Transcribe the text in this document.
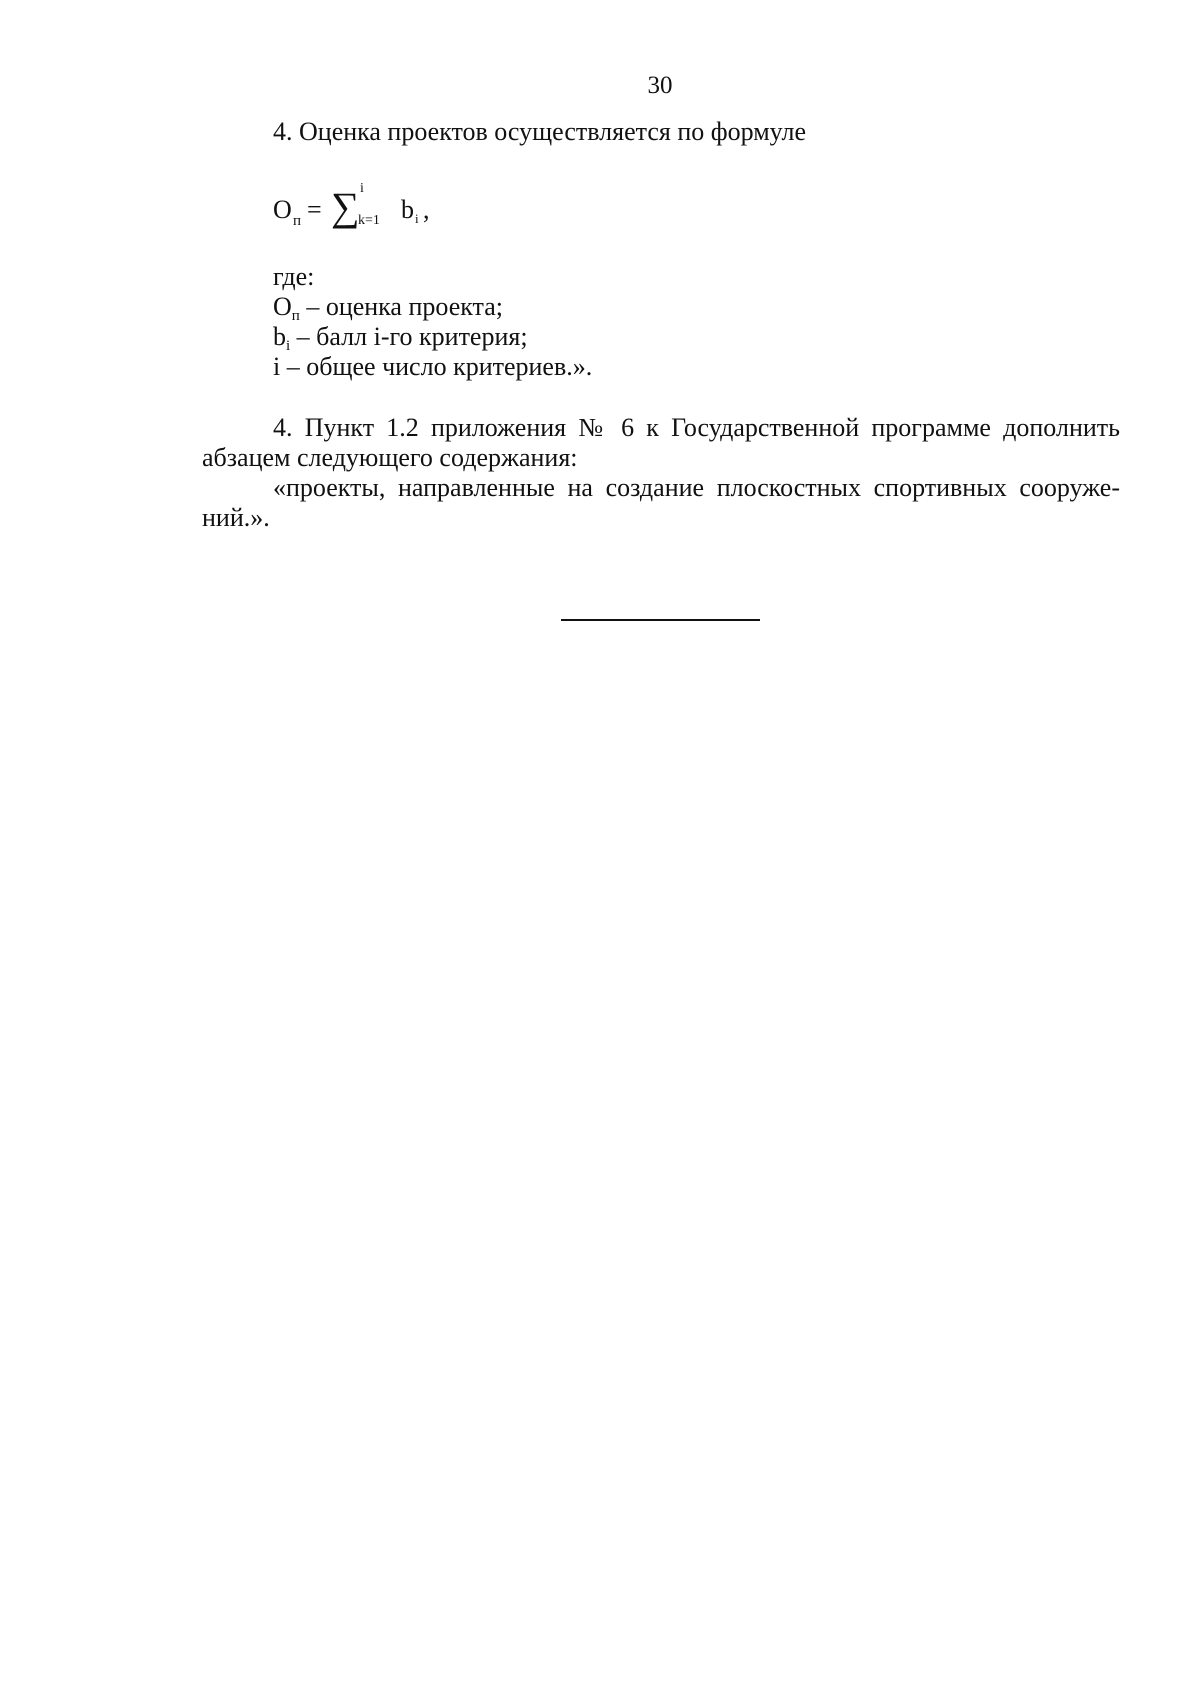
30
4. Оценка проектов осуществляется по формуле
О п = ∑ i
k=1 b i ,
где:
Оп – оценка проекта;
bi – балл i-го критерия;
i – общее число критериев.».
4. Пункт 1.2 приложения № 6 к Государственной программе дополнить
абзацем следующего содержания:
«проекты, направленные на создание плоскостных спортивных сооруже-
ний.».
